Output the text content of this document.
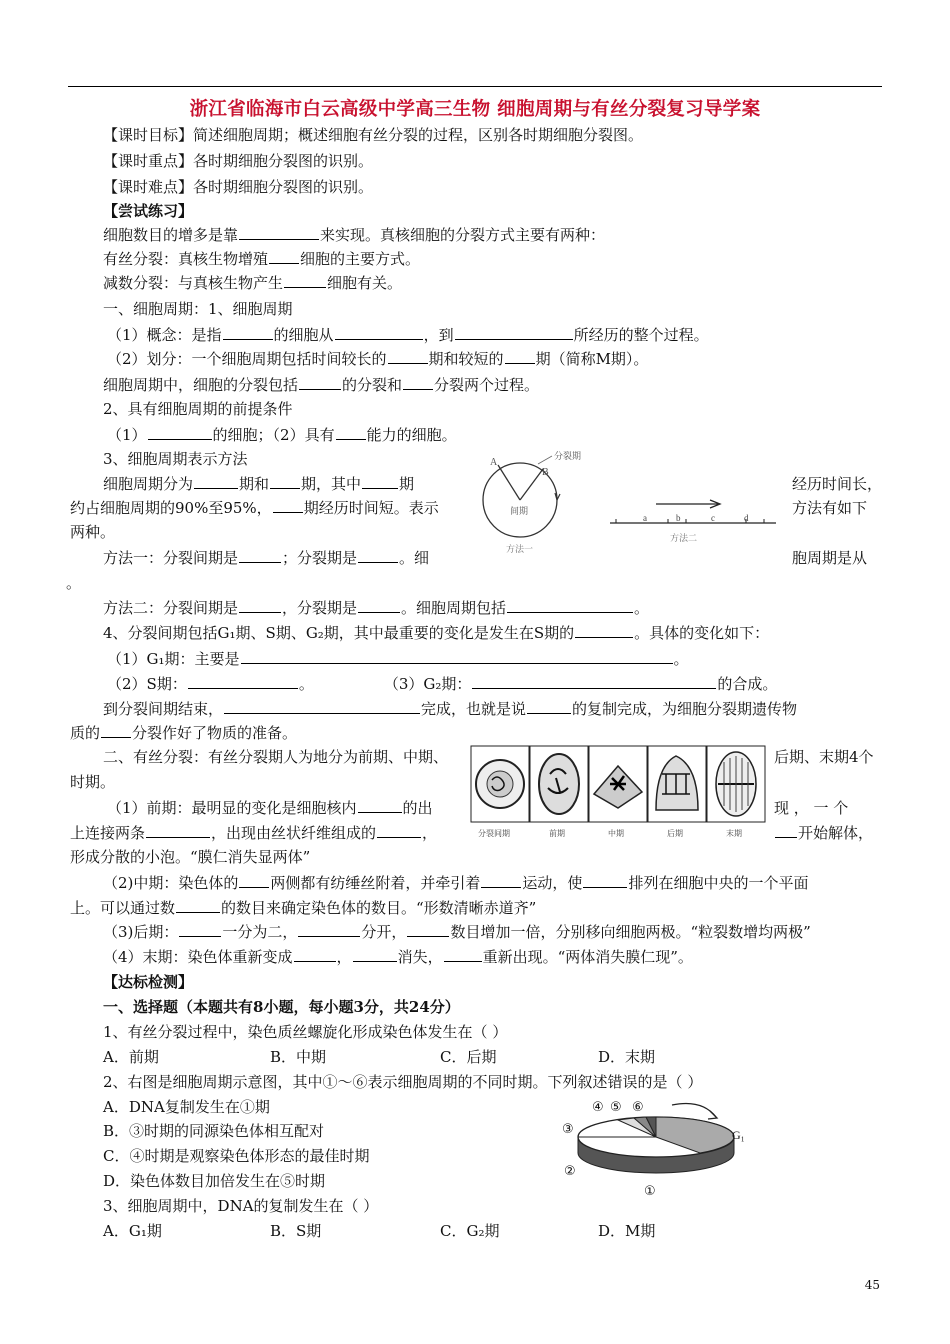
浙江省临海市白云高级中学高三生物 细胞周期与有丝分裂复习导学案
【课时目标】简述细胞周期；概述细胞有丝分裂的过程，区别各时期细胞分裂图。
【课时重点】各时期细胞分裂图的识别。
【课时难点】各时期细胞分裂图的识别。
【尝试练习】
细胞数目的增多是靠	来实现。真核细胞的分裂方式主要有两种：
有丝分裂：真核生物增殖 细胞的主要方式。
减数分裂：与真核生物产生	细胞有关。
一、细胞周期：1、细胞周期
（1）概念：是指	的细胞从	，到	所经历的整个过程。
（2）划分：一个细胞周期包括时间较长的	期和较短的 期（简称M期）。
细胞周期中，细胞的分裂包括	的分裂和 分裂两个过程。
2、具有细胞周期的前提条件
（1）	的细胞；（2）具有 能力的细胞。
3、细胞周期表示方法
细胞周期分为	期和 期，其中	期	经历时间长，
约占细胞周期的90%至95%， 期经历时间短。表示	方法有如下
两种。
方法一：分裂间期是	；分裂期是	。细	胞周期是从
。
A
B
分裂期
间期
方法一
a	b	c	d
方法二
方法二：分裂间期是	，分裂期是	。细胞周期包括	。
4、分裂间期包括G₁期、S期、G₂期，其中最重要的变化是发生在S期的	。具体的变化如下：
（1）G₁期：主要是	。
（2）S期：	。	（3）G₂期：	的合成。
到分裂间期结束，	完成，也就是说	的复制完成，为细胞分裂期遗传物
质的 分裂作好了物质的准备。
二、有丝分裂：有丝分裂期人为地分为前期、中期、	后期、末期4个
时期。
（1）前期：最明显的变化是细胞核内	的出	现 ， 一 个
上连接两条	，出现由丝状纤维组成的	，	开始解体，
形成分散的小泡。“膜仁消失显两体”
分裂间期	前期	中期	后期	末期
（2)中期：染色体的 两侧都有纺缍丝附着，并牵引着	运动，使	排列在细胞中央的一个平面
上。可以通过数	的数目来确定染色体的数目。“形数清晰赤道齐”
（3)后期：	一分为二，	分开，	数目增加一倍，分别移向细胞两极。“粒裂数增均两极”
（4）末期：染色体重新变成	，	消失，	重新出现。“两体消失膜仁现”。
【达标检测】
一、选择题（本题共有8小题，每小题3分，共24分）
1、有丝分裂过程中，染色质丝螺旋化形成染色体发生在（ ）
A．前期	B．中期	C．后期	D．末期
2、右图是细胞周期示意图，其中①～⑥表示细胞周期的不同时期。下列叙述错误的是（ ）
A．DNA复制发生在①期
B．③时期的同源染色体相互配对
C．④时期是观察染色体形态的最佳时期
D．染色体数目加倍发生在⑤时期
3、细胞周期中，DNA的复制发生在（ ）
A．G₁期	B．S期	C．G₂期	D．M期
④ ⑤ ⑥
③
②
①
G₁
45
